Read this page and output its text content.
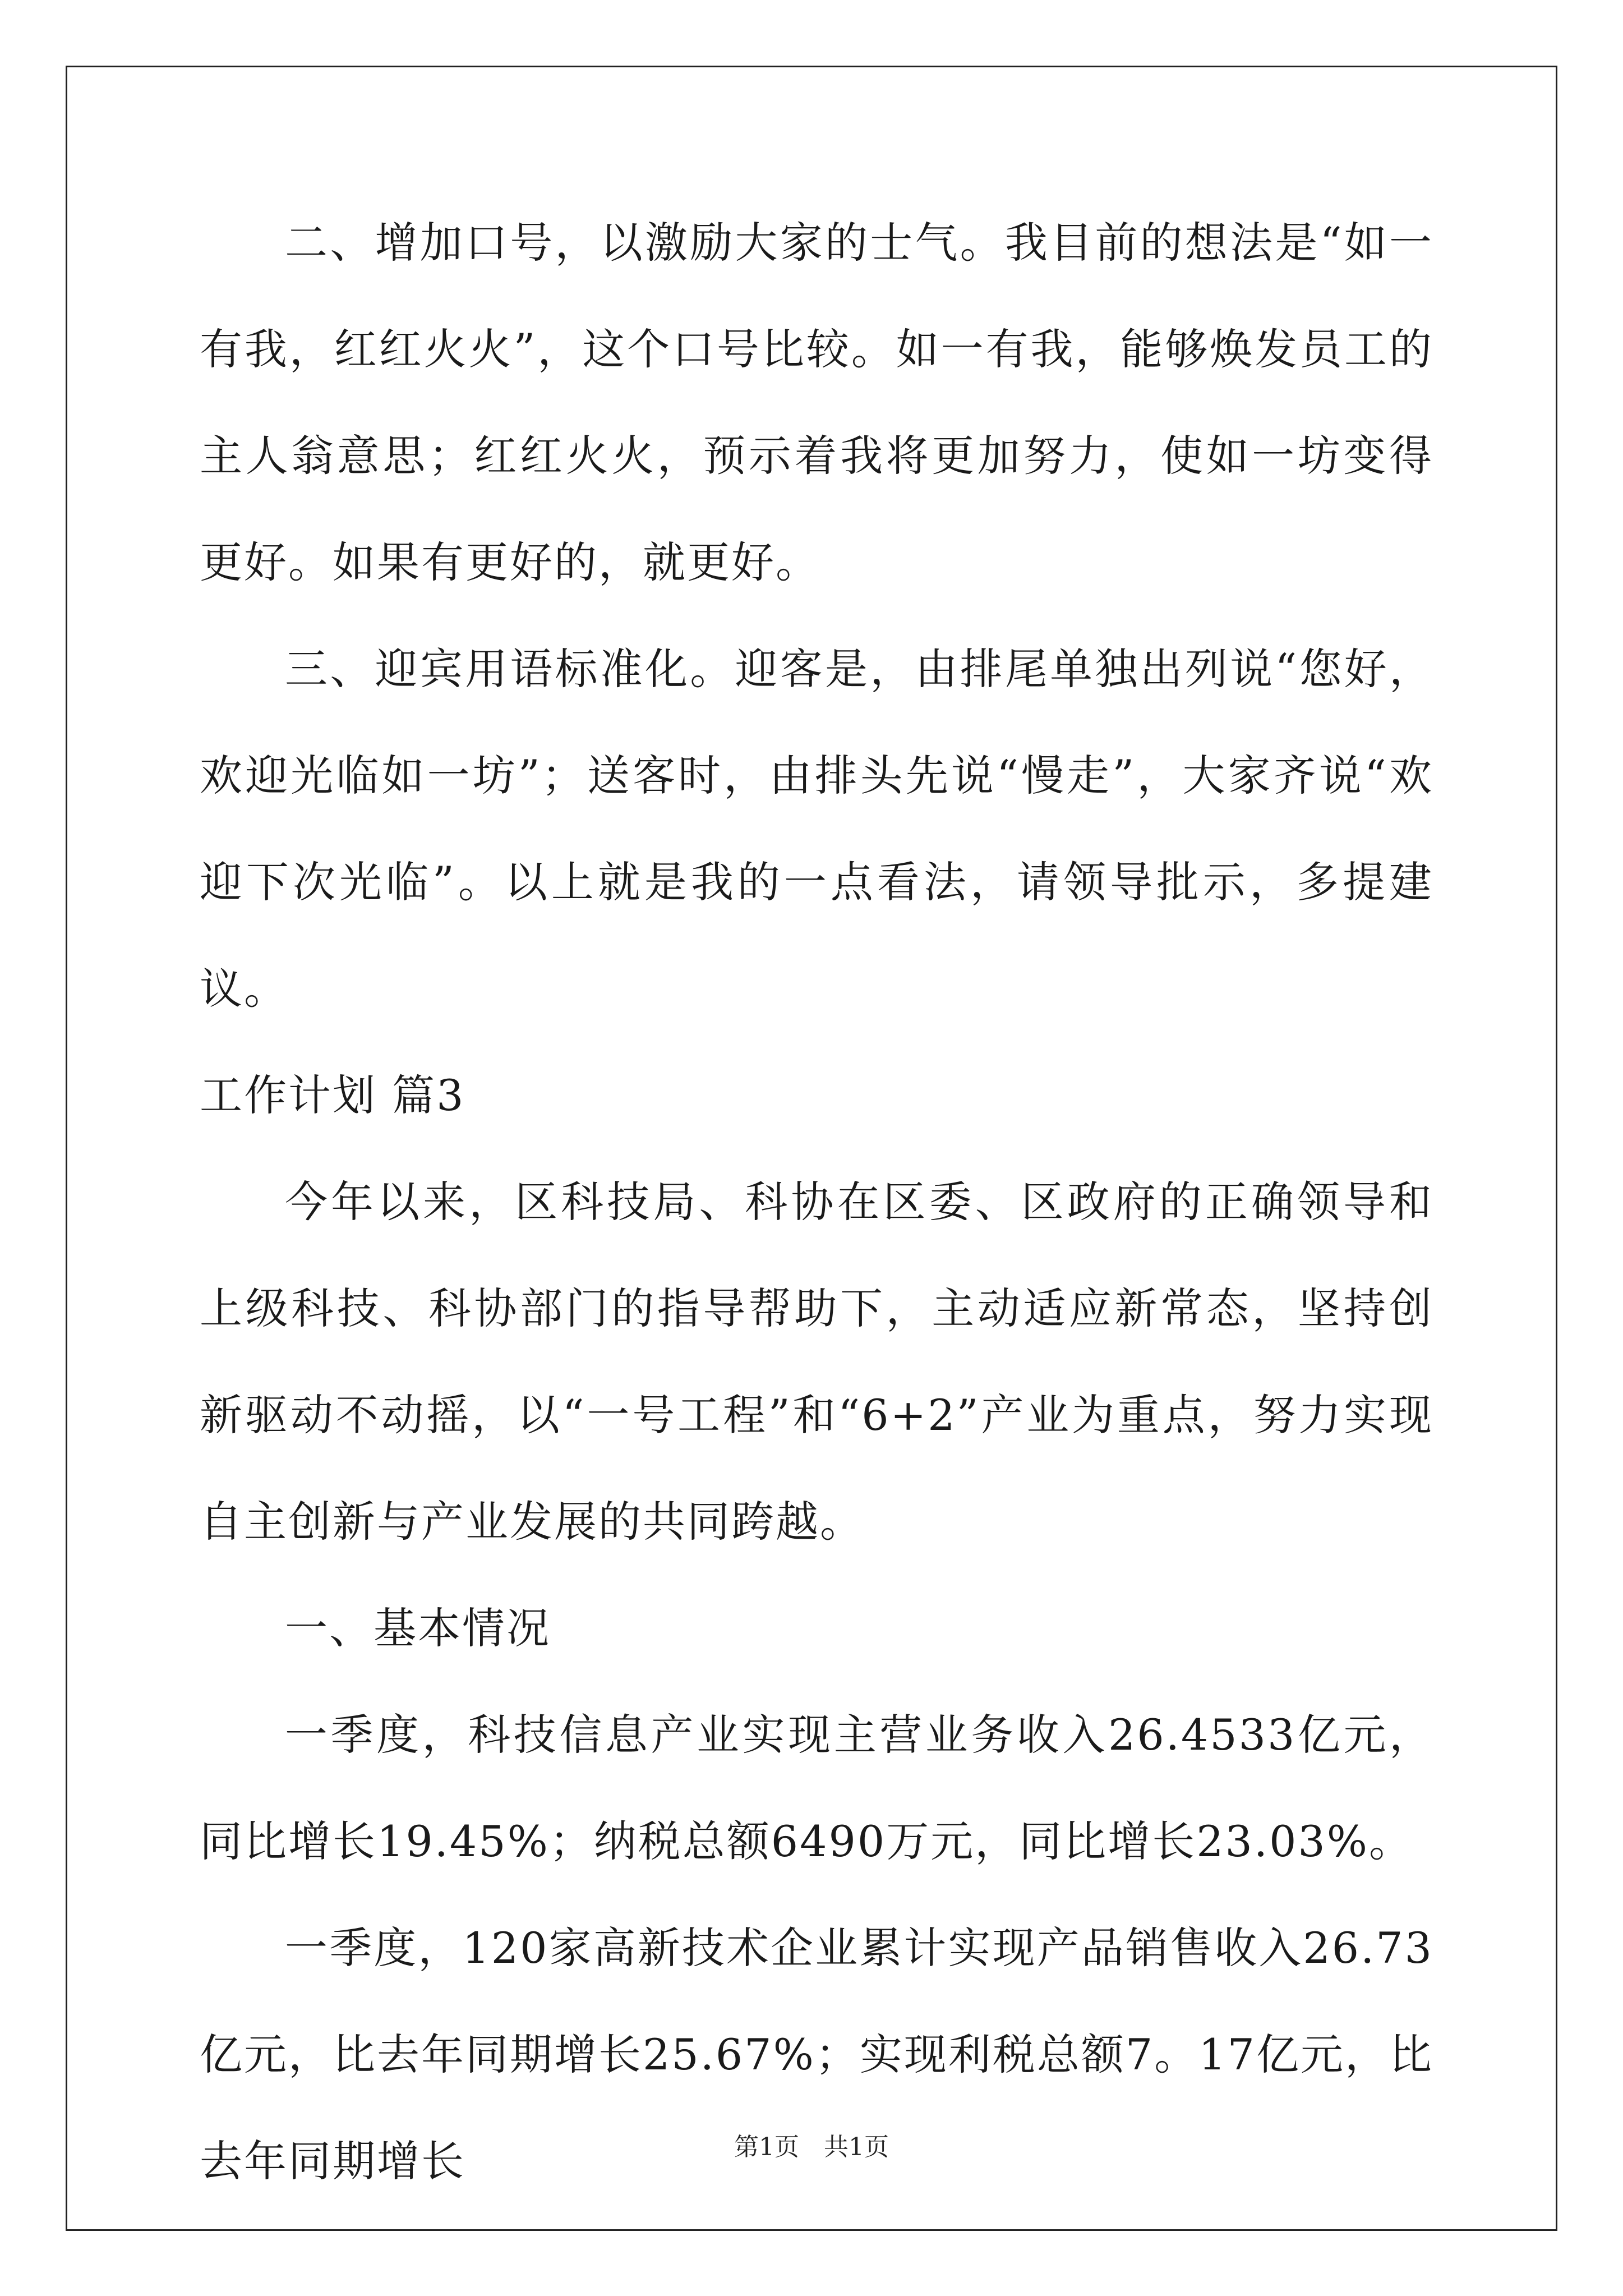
二、增加口号，以激励大家的士气。我目前的想法是“如一有我，红红火火”，这个口号比较。如一有我，能够焕发员工的主人翁意思；红红火火，预示着我将更加努力，使如一坊变得更好。如果有更好的，就更好。

三、迎宾用语标准化。迎客是，由排尾单独出列说“您好，欢迎光临如一坊”；送客时，由排头先说“慢走”，大家齐说“欢迎下次光临”。以上就是我的一点看法，请领导批示，多提建议。

工作计划 篇3

今年以来，区科技局、科协在区委、区政府的正确领导和上级科技、科协部门的指导帮助下，主动适应新常态，坚持创新驱动不动摇，以“一号工程”和“6+2”产业为重点，努力实现自主创新与产业发展的共同跨越。

一、基本情况

一季度，科技信息产业实现主营业务收入26.4533亿元，同比增长19.45%；纳税总额6490万元，同比增长23.03%。

一季度，120家高新技术企业累计实现产品销售收入26.73亿元，比去年同期增长25.67%；实现利税总额7。17亿元，比去年同期增长	第1页　共1页
